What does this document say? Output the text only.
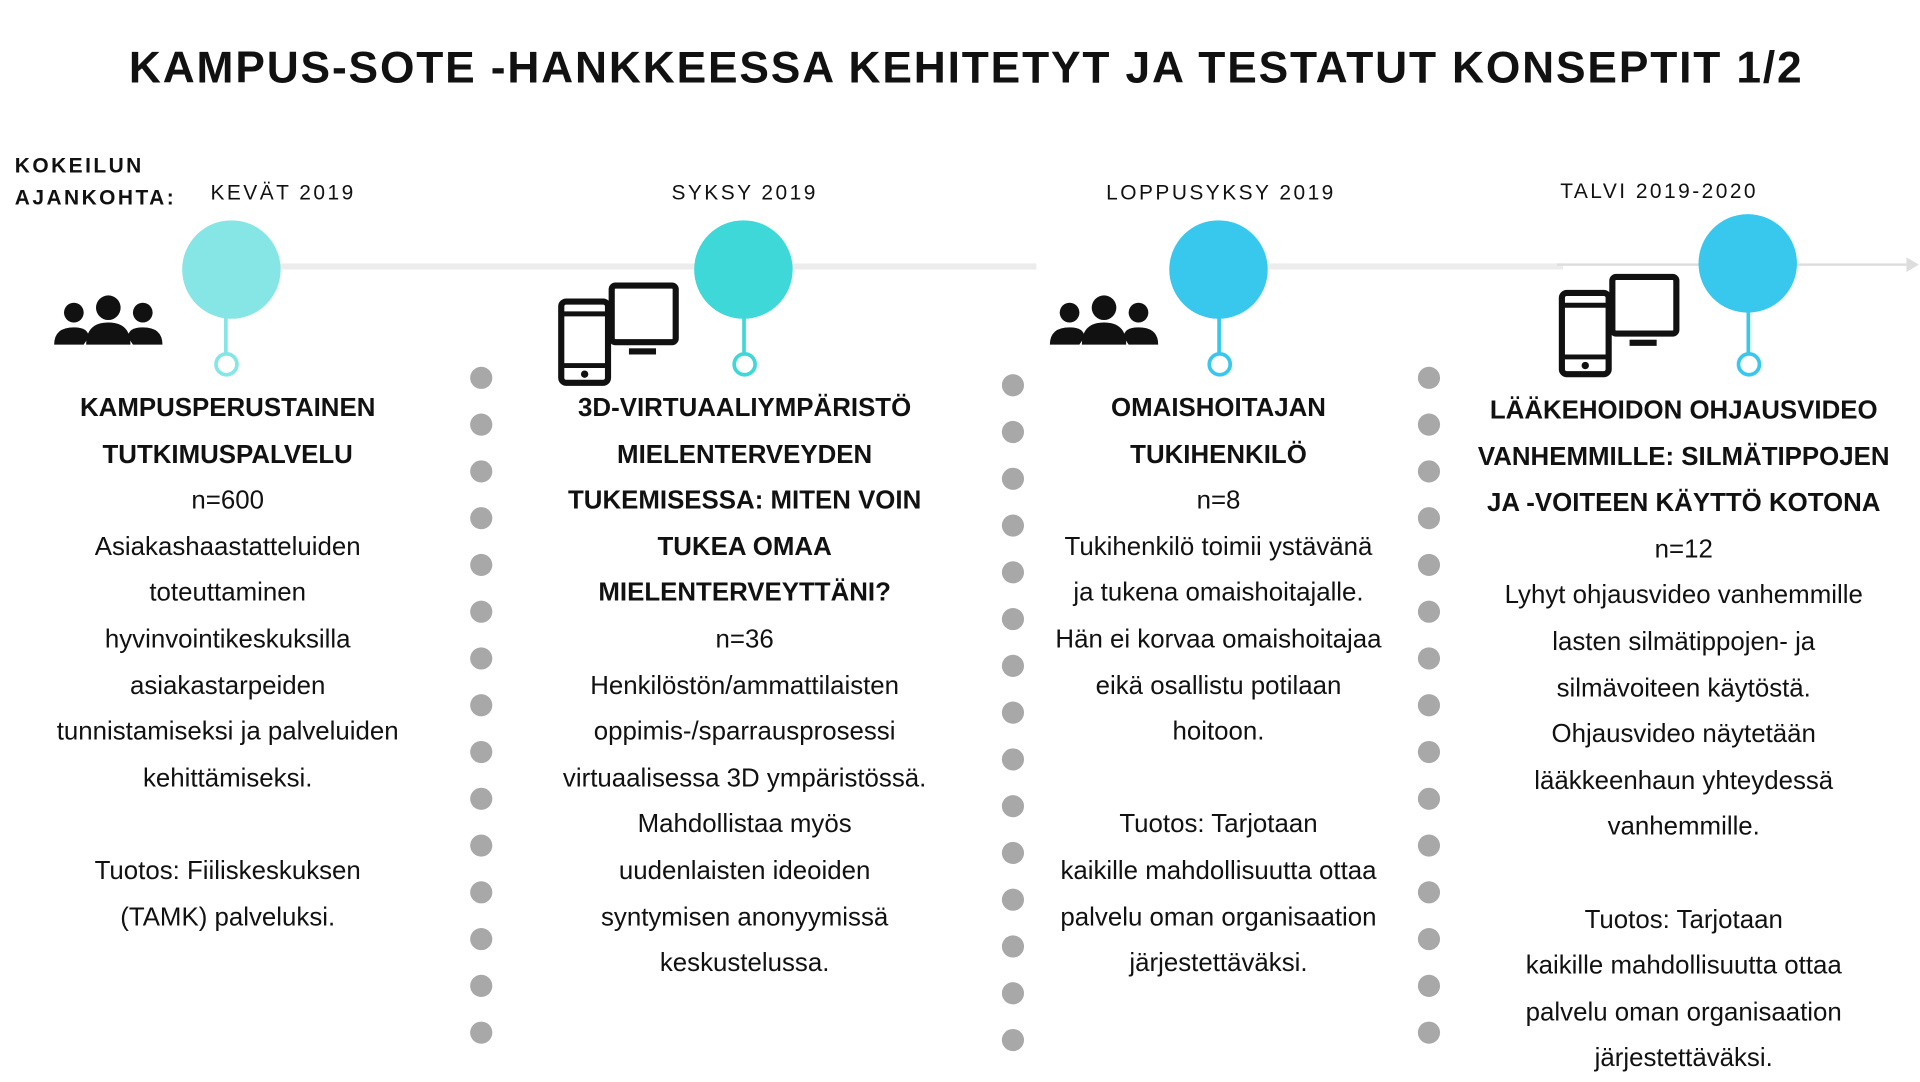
KAMPUS-SOTE -HANKKEESSA KEHITETYT JA TESTATUT KONSEPTIT 1/2
KOKEILUN
AJANKOHTA:	KEVÄT 2019	SYKSY 2019	LOPPUSYKSY 2019	TALVI 2019-2020
KAMPUSPERUSTAINEN
TUTKIMUSPALVELU
n=600
Asiakashaastatteluiden
toteuttaminen
hyvinvointikeskuksilla
asiakastarpeiden
tunnistamiseksi ja palveluiden
kehittämiseksi.

Tuotos: Fiiliskeskuksen
(TAMK) palveluksi.
3D-VIRTUAALIYMPÄRISTÖ
MIELENTERVEYDEN
TUKEMISESSA: MITEN VOIN
TUKEA OMAA
MIELENTERVEYTTÄNI?
n=36
Henkilöstön/ammattilaisten
oppimis-/sparrausprosessi
virtuaalisessa 3D ympäristössä.
Mahdollistaa myös
uudenlaisten ideoiden
syntymisen anonyymissä
keskustelussa.
OMAISHOITAJAN
TUKIHENKILÖ
n=8
Tukihenkilö toimii ystävänä
ja tukena omaishoitajalle.
Hän ei korvaa omaishoitajaa
eikä osallistu potilaan
hoitoon.

Tuotos: Tarjotaan
kaikille mahdollisuutta ottaa
palvelu oman organisaation
järjestettäväksi.
LÄÄKEHOIDON OHJAUSVIDEO
VANHEMMILLE: SILMÄTIPPOJEN
JA -VOITEEN KÄYTTÖ KOTONA
n=12
Lyhyt ohjausvideo vanhemmille
lasten silmätippojen- ja
silmävoiteen käytöstä.
Ohjausvideo näytetään
lääkkeenhaun yhteydessä
vanhemmille.

Tuotos: Tarjotaan
kaikille mahdollisuutta ottaa
palvelu oman organisaation
järjestettäväksi.
